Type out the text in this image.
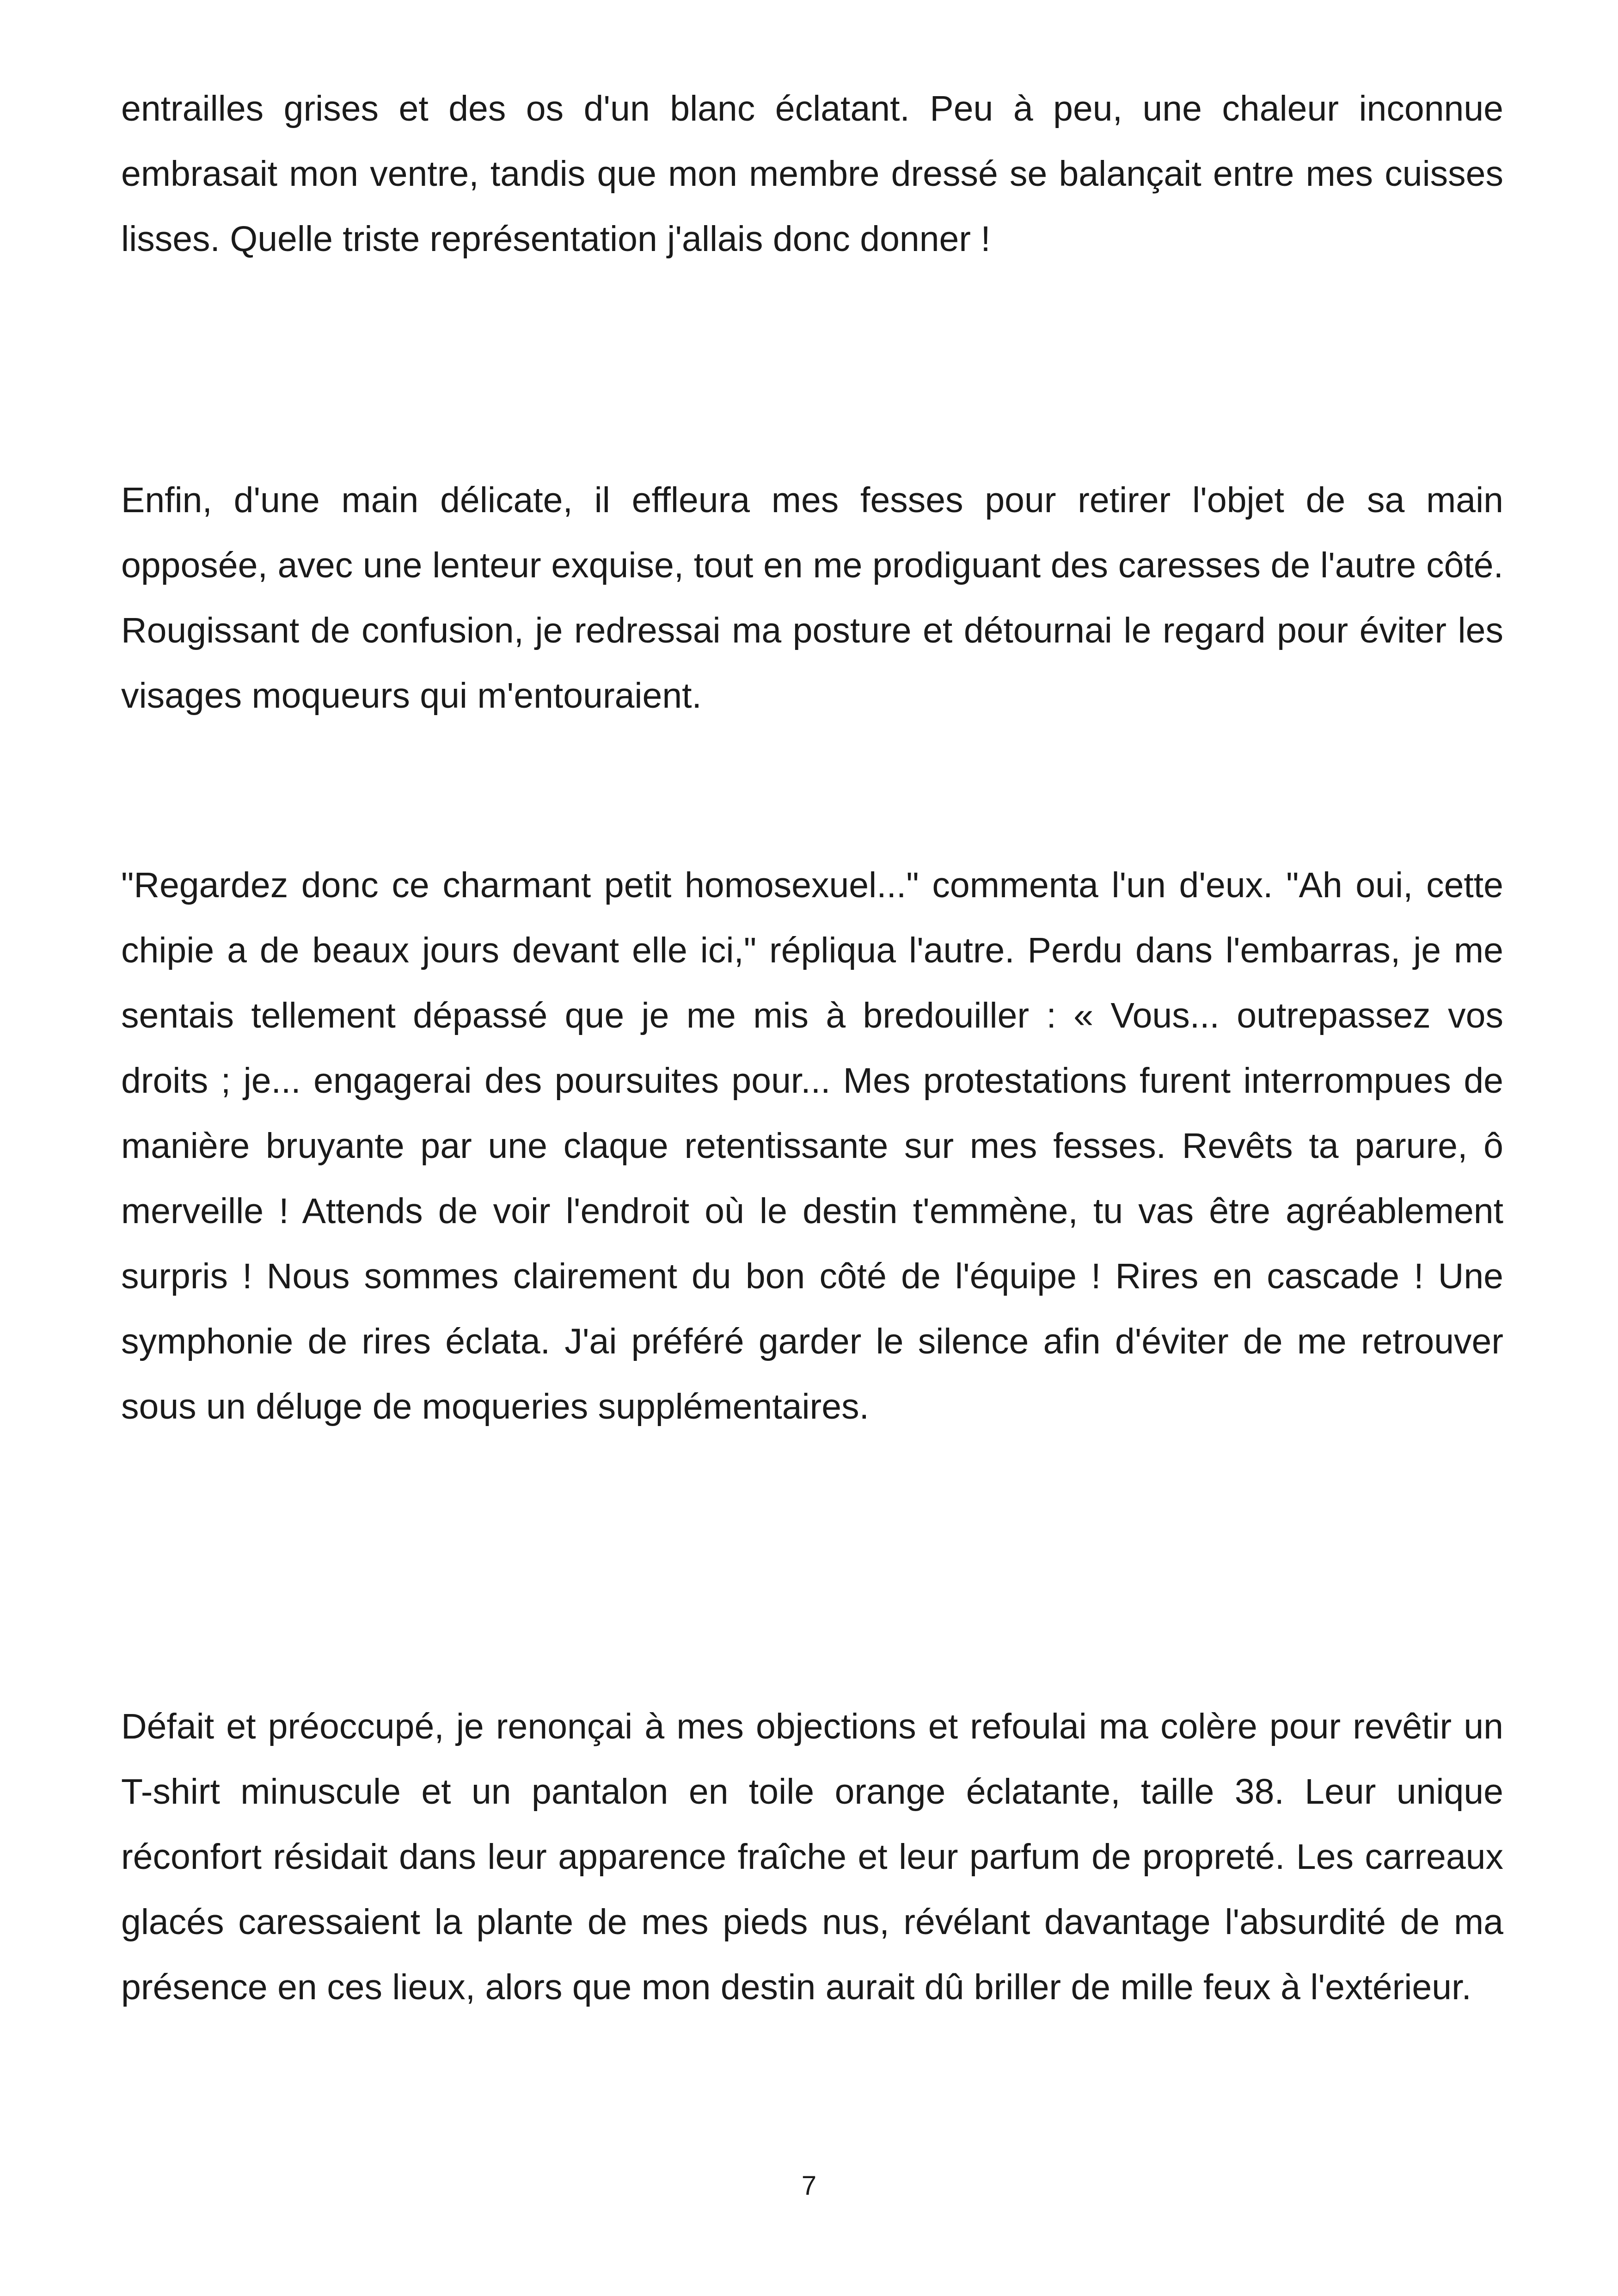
entrailles grises et des os d'un blanc éclatant. Peu à peu, une chaleur inconnue embrasait mon ventre, tandis que mon membre dressé se balançait entre mes cuisses lisses. Quelle triste représentation j'allais donc donner !

Enfin, d'une main délicate, il effleura mes fesses pour retirer l'objet de sa main opposée, avec une lenteur exquise, tout en me prodiguant des caresses de l'autre côté. Rougissant de confusion, je redressai ma posture et détournai le regard pour éviter les visages moqueurs qui m'entouraient.

"Regardez donc ce charmant petit homosexuel..." commenta l'un d'eux. "Ah oui, cette chipie a de beaux jours devant elle ici," répliqua l'autre. Perdu dans l'embarras, je me sentais tellement dépassé que je me mis à bredouiller : « Vous... outrepassez vos droits ; je... engagerai des poursuites pour... Mes protestations furent interrompues de manière bruyante par une claque retentissante sur mes fesses. Revêts ta parure, ô merveille ! Attends de voir l'endroit où le destin t'emmène, tu vas être agréablement surpris ! Nous sommes clairement du bon côté de l'équipe ! Rires en cascade ! Une symphonie de rires éclata. J'ai préféré garder le silence afin d'éviter de me retrouver sous un déluge de moqueries supplémentaires.

Défait et préoccupé, je renonçai à mes objections et refoulai ma colère pour revêtir un T-shirt minuscule et un pantalon en toile orange éclatante, taille 38. Leur unique réconfort résidait dans leur apparence fraîche et leur parfum de propreté. Les carreaux glacés caressaient la plante de mes pieds nus, révélant davantage l'absurdité de ma présence en ces lieux, alors que mon destin aurait dû briller de mille feux à l'extérieur.

7
